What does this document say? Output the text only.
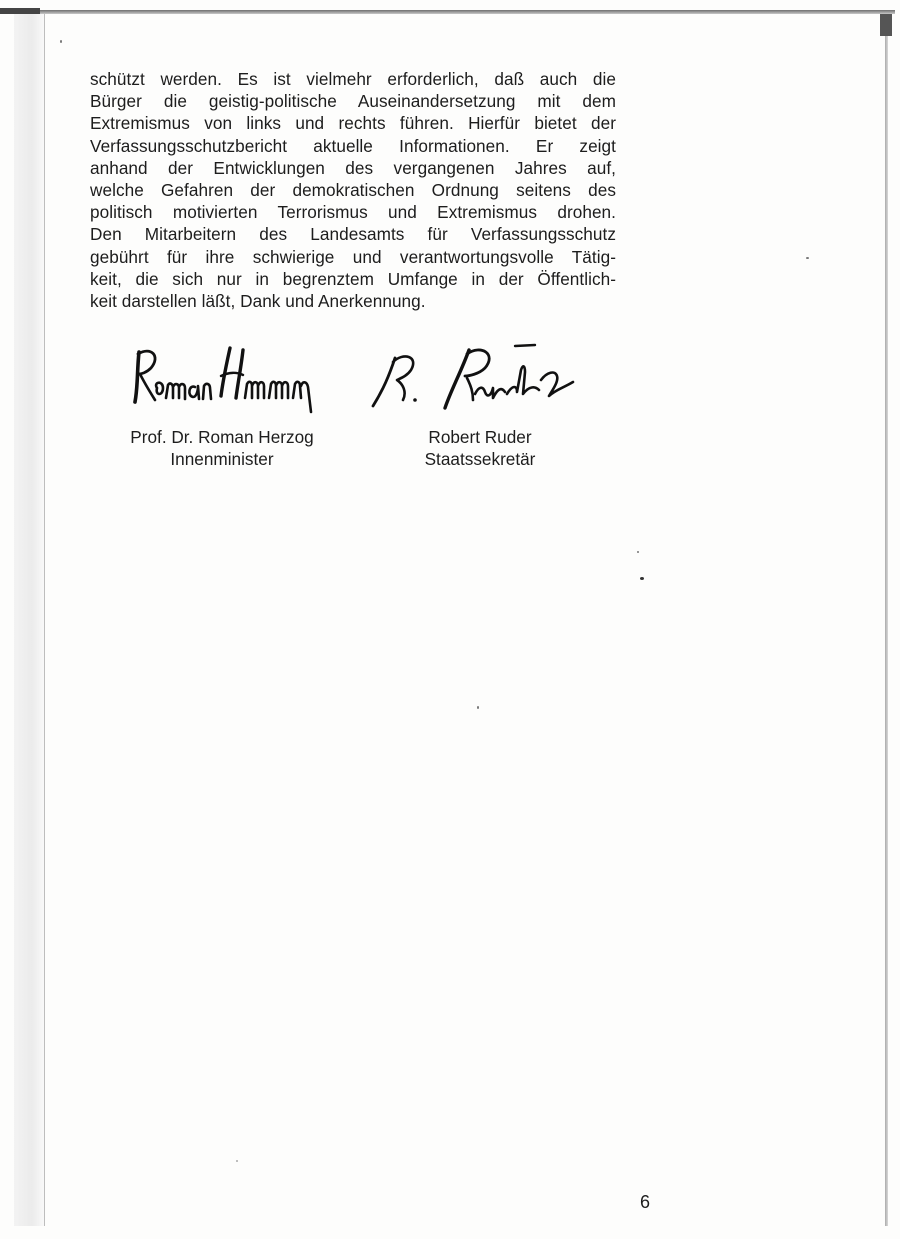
schützt werden. Es ist vielmehr erforderlich, daß auch die
Bürger die geistig-politische Auseinandersetzung mit dem
Extremismus von links und rechts führen. Hierfür bietet der
Verfassungsschutzbericht aktuelle Informationen. Er zeigt
anhand der Entwicklungen des vergangenen Jahres auf,
welche Gefahren der demokratischen Ordnung seitens des
politisch motivierten Terrorismus und Extremismus drohen.
Den Mitarbeitern des Landesamts für Verfassungsschutz
gebührt für ihre schwierige und verantwortungsvolle Tätig-
keit, die sich nur in begrenztem Umfange in der Öffentlich-
keit darstellen läßt, Dank und Anerkennung.
Prof. Dr. Roman Herzog
Innenminister
Robert Ruder
Staatssekretär
6
